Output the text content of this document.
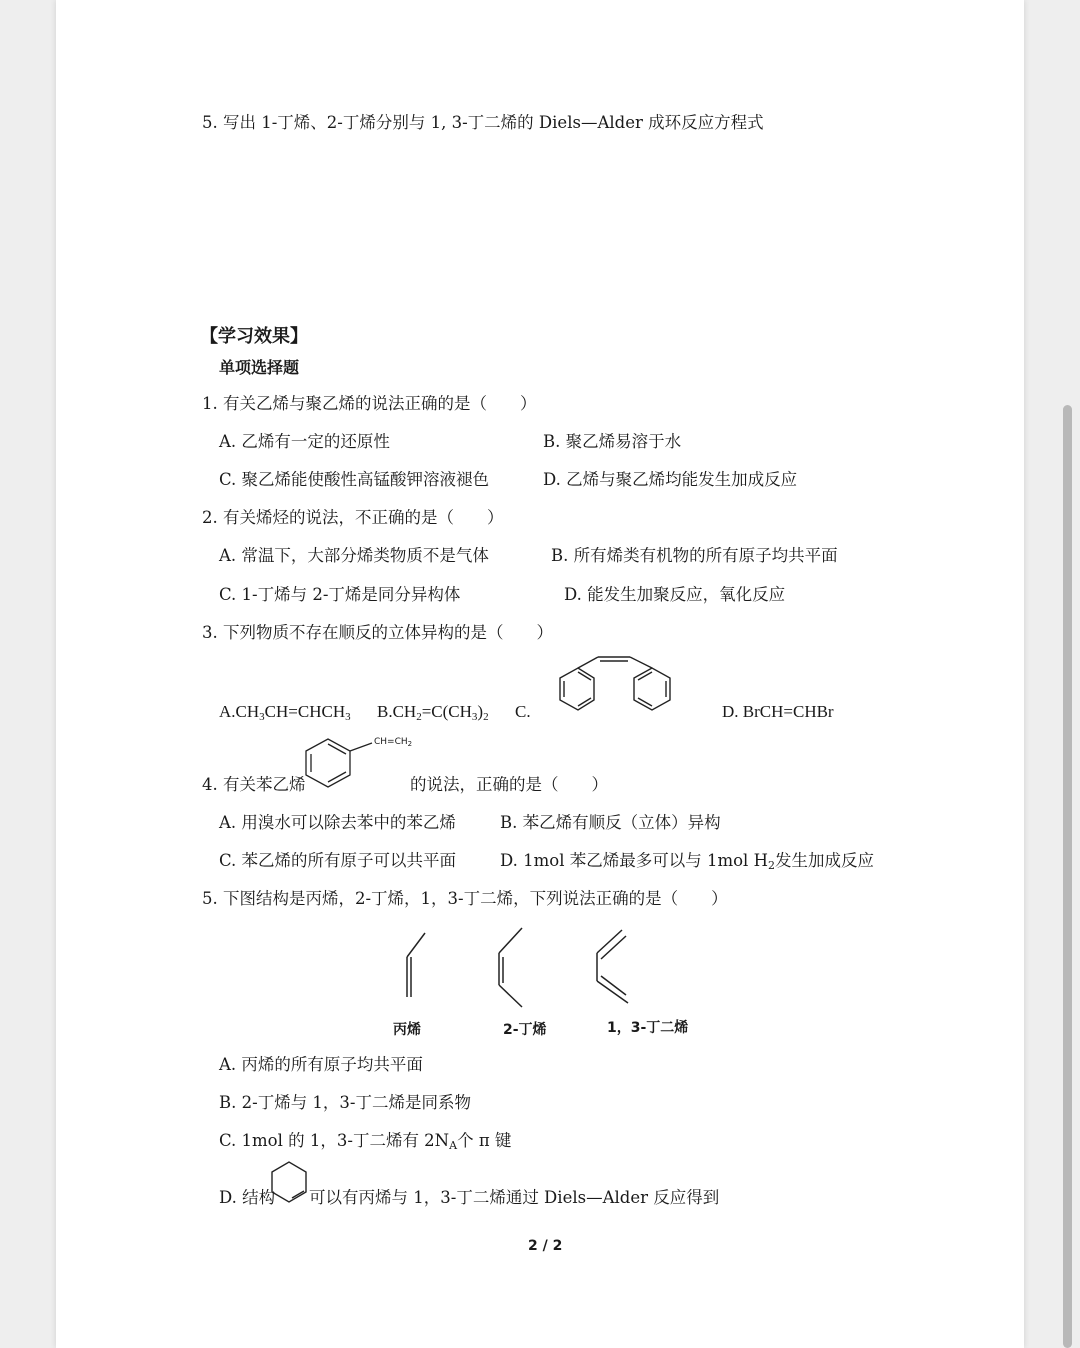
5. 写出 1-丁烯、2-丁烯分别与 1, 3-丁二烯的 Diels—Alder 成环反应方程式
【学习效果】
单项选择题
1. 有关乙烯与聚乙烯的说法正确的是（　　）
A. 乙烯有一定的还原性	B. 聚乙烯易溶于水
C. 聚乙烯能使酸性高锰酸钾溶液褪色	D. 乙烯与聚乙烯均能发生加成反应
2. 有关烯烃的说法，不正确的是（　　）
A. 常温下，大部分烯类物质不是气体	B. 所有烯类有机物的所有原子均共平面
C. 1-丁烯与 2-丁烯是同分异构体	D. 能发生加聚反应，氧化反应
3. 下列物质不存在顺反的立体异构的是（　　）
$A.CH_3CH=CHCH_3$ $B.CH_2=C(CH_3)_2$ C.	D. BrCH=CHBr
4. 有关苯乙烯
$CH=CH_2$
的说法，正确的是（　　）
A. 用溴水可以除去苯中的苯乙烯	B. 苯乙烯有顺反（立体）异构
C. 苯乙烯的所有原子可以共平面	D. 1mol 苯乙烯最多可以与 1mol $H_2$发生加成反应
5. 下图结构是丙烯，2-丁烯，1，3-丁二烯，下列说法正确的是（　　）
丙烯	2-丁烯	1，3-丁二烯
A. 丙烯的所有原子均共平面
B. 2-丁烯与 1，3-丁二烯是同系物
C. 1mol 的 1，3-丁二烯有 $2N_A$个 π 键
D. 结构 可以有丙烯与 1，3-丁二烯通过 Diels—Alder 反应得到
2 / 2
